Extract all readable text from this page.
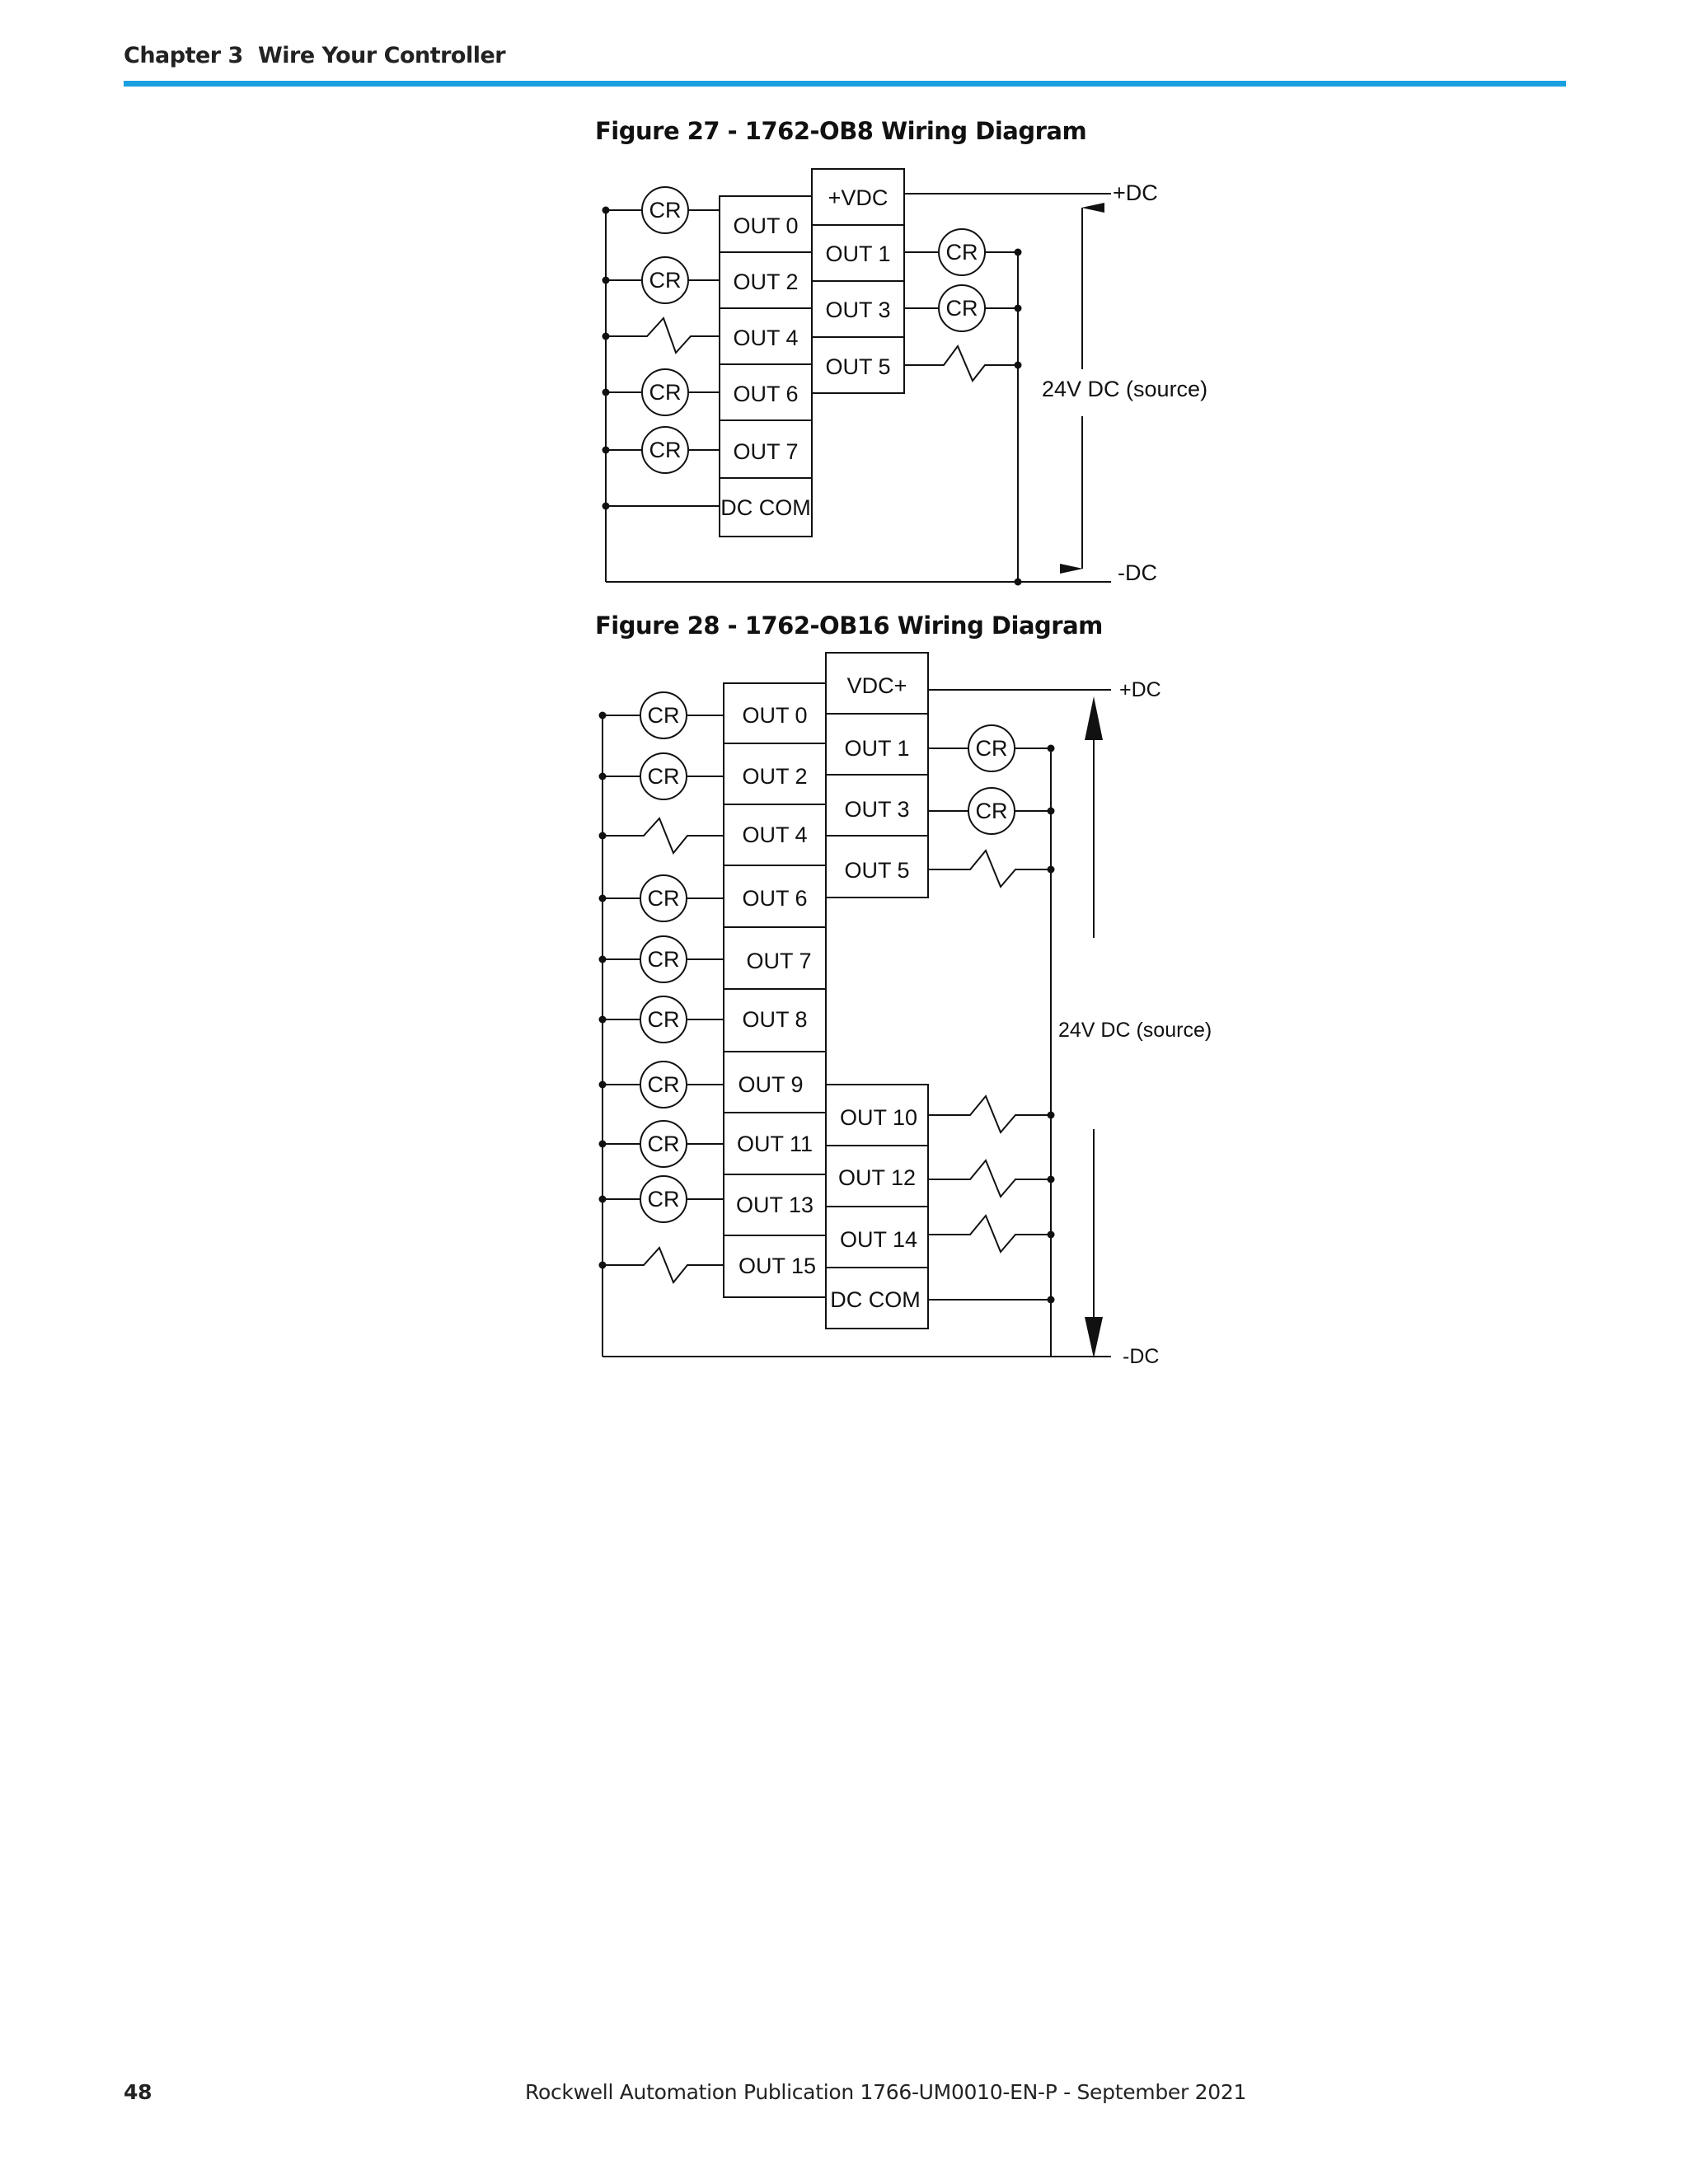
Chapter 3 Wire Your Controller
Figure 27 - 1762-OB8 Wiring Diagram
Figure 28 - 1762-OB16 Wiring Diagram
OUT 0
OUT 2
OUT 4
OUT 6
OUT 7
DC COM
+VDC
OUT 1
OUT 3
OUT 5
CR
CR
CR
CR
CR
CR
+DC
-DC
24V DC (source)
OUT 0
OUT 2
OUT 4
OUT 6
OUT 7
OUT 8
OUT 9
OUT 11
OUT 13
OUT 15
VDC+
OUT 1
OUT 3
OUT 5
OUT 10
OUT 12
OUT 14
DC COM
CR
CR
CR
CR
CR
CR
CR
CR
CR
CR
+DC
-DC
24V DC (source)
48	Rockwell Automation Publication 1766-UM0010-EN-P - September 2021
